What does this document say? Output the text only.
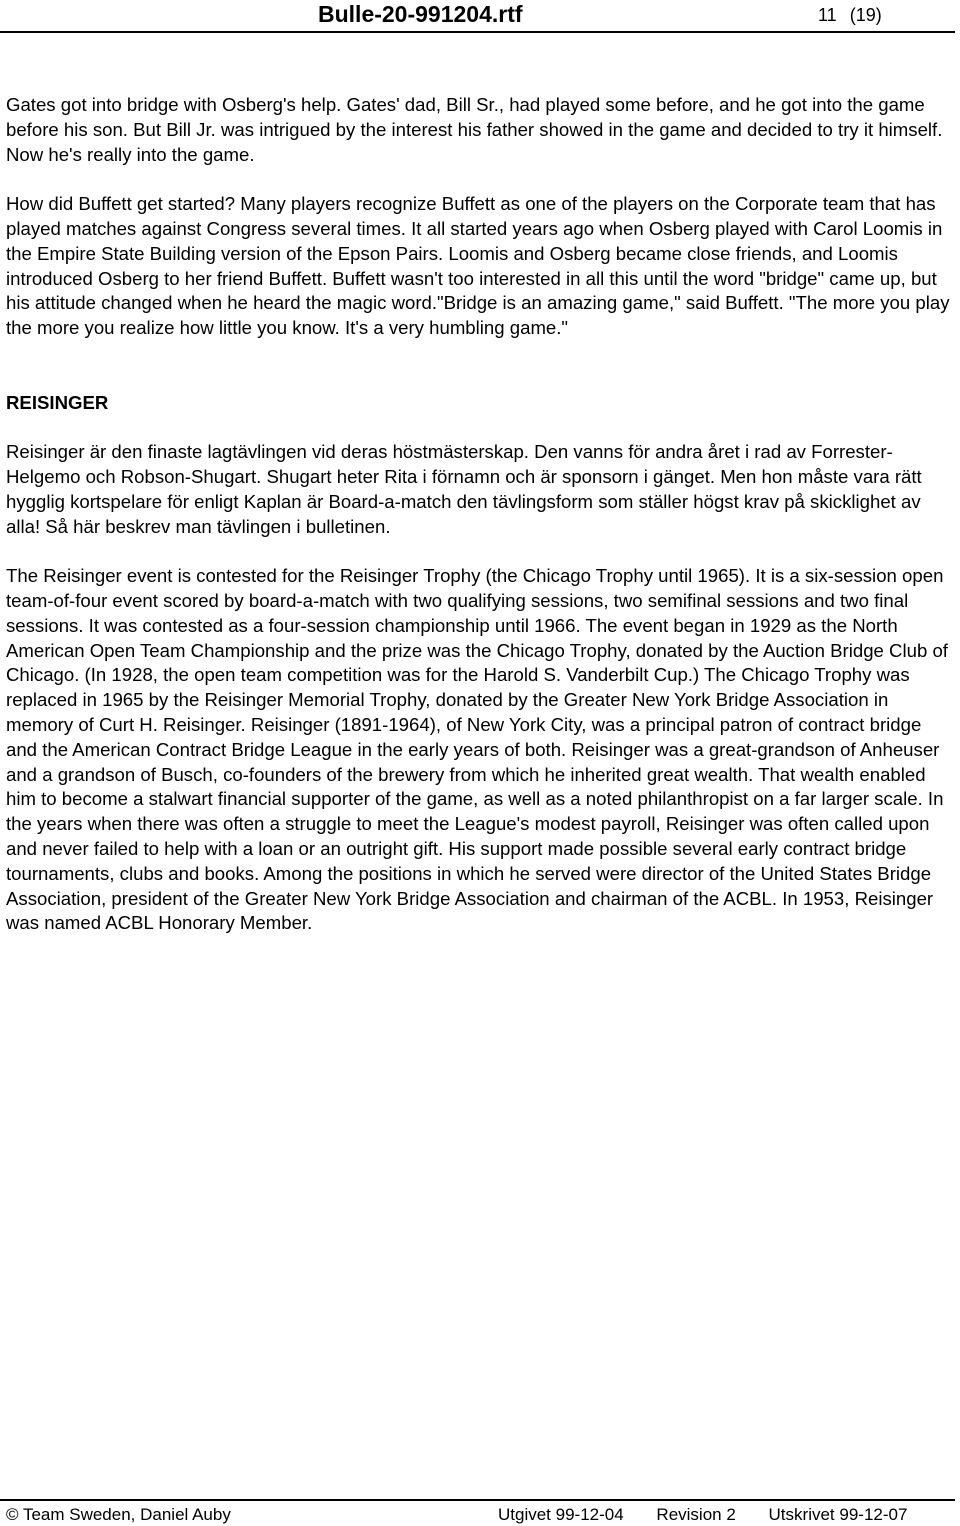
Bulle-20-991204.rtf	11 (19)

Gates got into bridge with Osberg's help. Gates' dad, Bill Sr., had played some before, and he got into the game before his son. But Bill Jr. was intrigued by the interest his father showed in the game and decided to try it himself. Now he's really into the game.

How did Buffett get started? Many players recognize Buffett as one of the players on the Corporate team that has played matches against Congress several times. It all started years ago when Osberg played with Carol Loomis in the Empire State Building version of the Epson Pairs. Loomis and Osberg became close friends, and Loomis introduced Osberg to her friend Buffett. Buffett wasn't too interested in all this until the word "bridge" came up, but his attitude changed when he heard the magic word."Bridge is an amazing game," said Buffett. "The more you play the more you realize how little you know. It's a very humbling game."

REISINGER

Reisinger är den finaste lagtävlingen vid deras höstmästerskap. Den vanns för andra året i rad av Forrester-Helgemo och Robson-Shugart. Shugart heter Rita i förnamn och är sponsorn i gänget. Men hon måste vara rätt hygglig kortspelare för enligt Kaplan är Board-a-match den tävlingsform som ställer högst krav på skicklighet av alla! Så här beskrev man tävlingen i bulletinen.

The Reisinger event is contested for the Reisinger Trophy (the Chicago Trophy until 1965). It is a six-session open team-of-four event scored by board-a-match with two qualifying sessions, two semifinal sessions and two final sessions. It was contested as a four-session championship until 1966. The event began in 1929 as the North American Open Team Championship and the prize was the Chicago Trophy, donated by the Auction Bridge Club of Chicago. (In 1928, the open team competition was for the Harold S. Vanderbilt Cup.) The Chicago Trophy was replaced in 1965 by the Reisinger Memorial Trophy, donated by the Greater New York Bridge Association in memory of Curt H. Reisinger. Reisinger (1891-1964), of New York City, was a principal patron of contract bridge and the American Contract Bridge League in the early years of both. Reisinger was a great-grandson of Anheuser and a grandson of Busch, co-founders of the brewery from which he inherited great wealth. That wealth enabled him to become a stalwart financial supporter of the game, as well as a noted philanthropist on a far larger scale. In the years when there was often a struggle to meet the League's modest payroll, Reisinger was often called upon and never failed to help with a loan or an outright gift. His support made possible several early contract bridge tournaments, clubs and books. Among the positions in which he served were director of the United States Bridge Association, president of the Greater New York Bridge Association and chairman of the ACBL. In 1953, Reisinger was named ACBL Honorary Member.

© Team Sweden, Daniel Auby	Utgivet 99-12-04 Revision 2 Utskrivet 99-12-07
